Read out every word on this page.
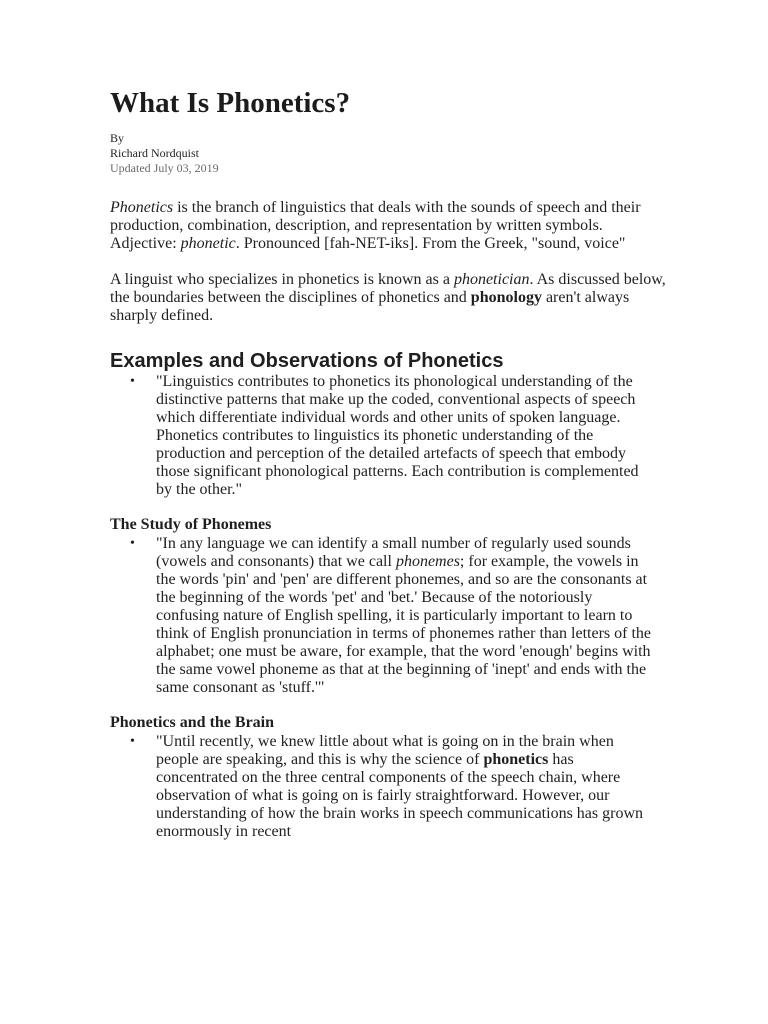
What Is Phonetics?
By
Richard Nordquist
Updated July 03, 2019

Phonetics is the branch of linguistics that deals with the sounds of speech and their production, combination, description, and representation by written symbols. Adjective: phonetic. Pronounced [fah-NET-iks]. From the Greek, "sound, voice"

A linguist who specializes in phonetics is known as a phonetician. As discussed below, the boundaries between the disciplines of phonetics and phonology aren't always sharply defined.

Examples and Observations of Phonetics
• "Linguistics contributes to phonetics its phonological understanding of the distinctive patterns that make up the coded, conventional aspects of speech which differentiate individual words and other units of spoken language. Phonetics contributes to linguistics its phonetic understanding of the production and perception of the detailed artefacts of speech that embody those significant phonological patterns. Each contribution is complemented by the other."
The Study of Phonemes
• "In any language we can identify a small number of regularly used sounds (vowels and consonants) that we call phonemes; for example, the vowels in the words 'pin' and 'pen' are different phonemes, and so are the consonants at the beginning of the words 'pet' and 'bet.' Because of the notoriously confusing nature of English spelling, it is particularly important to learn to think of English pronunciation in terms of phonemes rather than letters of the alphabet; one must be aware, for example, that the word 'enough' begins with the same vowel phoneme as that at the beginning of 'inept' and ends with the same consonant as 'stuff.'"
Phonetics and the Brain
• "Until recently, we knew little about what is going on in the brain when people are speaking, and this is why the science of phonetics has concentrated on the three central components of the speech chain, where observation of what is going on is fairly straightforward. However, our understanding of how the brain works in speech communications has grown enormously in recent
